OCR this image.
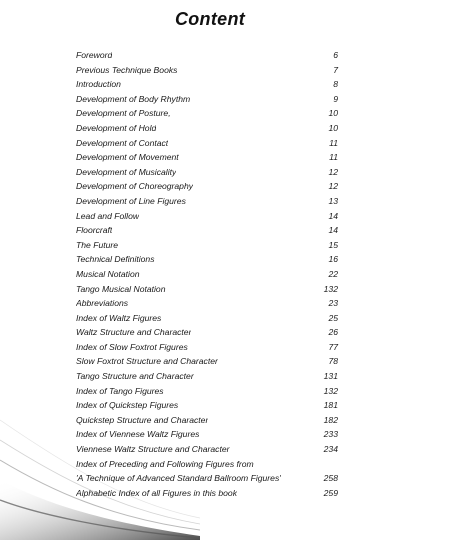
Content
Foreword	6
Previous Technique Books	7
Introduction	8
Development of Body Rhythm	9
Development of Posture,	10
Development of Hold	10
Development of Contact	11
Development of Movement	11
Development of Musicality	12
Development of Choreography	12
Development of Line Figures	13
Lead and Follow	14
Floorcraft	14
The Future	15
Technical Definitions	16
Musical Notation	22
Tango Musical Notation	132
Abbreviations	23
Index of Waltz Figures	25
Waltz Structure and Character	26
Index of Slow Foxtrot Figures	77
Slow Foxtrot Structure and Character	78
Tango Structure and Character	131
Index of Tango Figures	132
Index of Quickstep Figures	181
Quickstep Structure and Character	182
Index of Viennese Waltz Figures	233
Viennese Waltz Structure and Character	234
Index of Preceding and Following Figures from
'A Technique of Advanced Standard Ballroom Figures'	258
Alphabetic Index of all Figures in this book	259
